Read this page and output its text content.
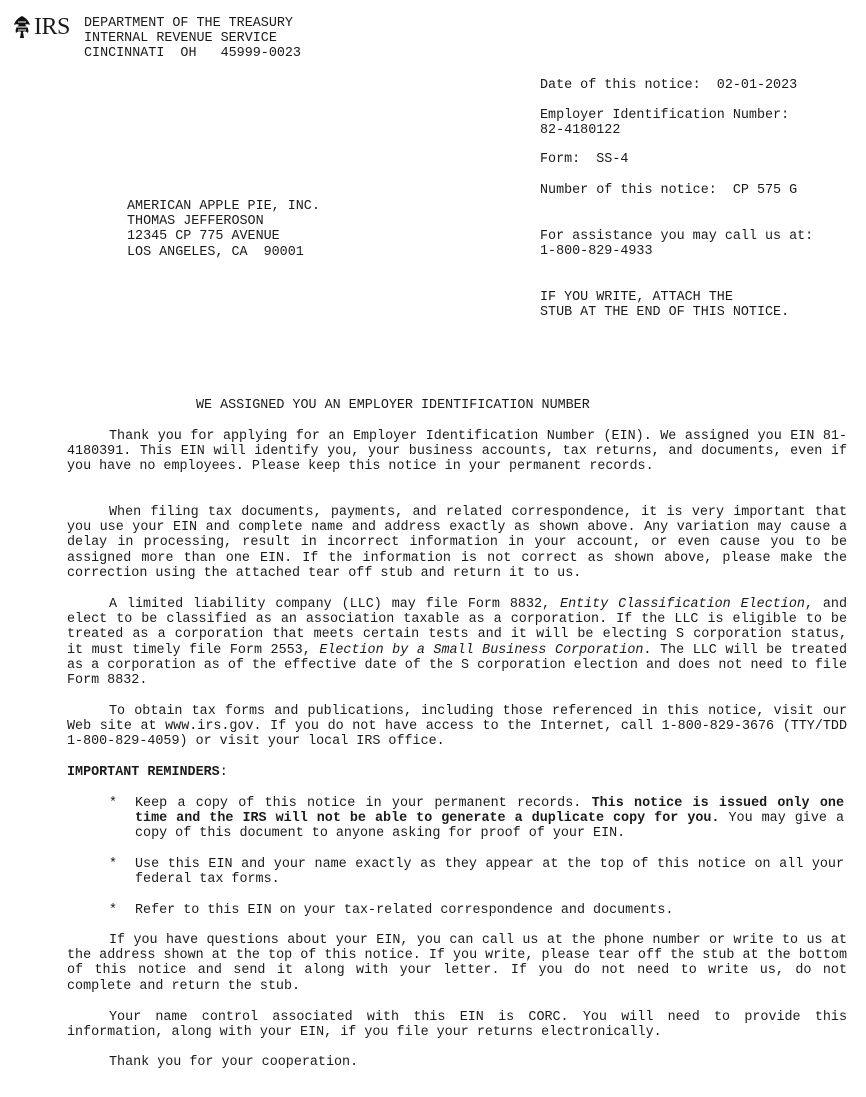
IRS DEPARTMENT OF THE TREASURY
INTERNAL REVENUE SERVICE
CINCINNATI  OH   45999-0023
Date of this notice: 02-01-2023
Employer Identification Number:
82-4180122
Form: SS-4
Number of this notice: CP 575 G
For assistance you may call us at:
1-800-829-4933
IF YOU WRITE, ATTACH THE
STUB AT THE END OF THIS NOTICE.
AMERICAN APPLE PIE, INC.
THOMAS JEFFEROSON
12345 CP 775 AVENUE
LOS ANGELES, CA  90001
WE ASSIGNED YOU AN EMPLOYER IDENTIFICATION NUMBER

Thank you for applying for an Employer Identification Number (EIN). We assigned you EIN 81-4180391. This EIN will identify you, your business accounts, tax returns, and documents, even if you have no employees. Please keep this notice in your permanent records.

When filing tax documents, payments, and related correspondence, it is very important that you use your EIN and complete name and address exactly as shown above. Any variation may cause a delay in processing, result in incorrect information in your account, or even cause you to be assigned more than one EIN. If the information is not correct as shown above, please make the correction using the attached tear off stub and return it to us.

A limited liability company (LLC) may file Form 8832, Entity Classification Election, and elect to be classified as an association taxable as a corporation. If the LLC is eligible to be treated as a corporation that meets certain tests and it will be electing S corporation status, it must timely file Form 2553, Election by a Small Business Corporation. The LLC will be treated as a corporation as of the effective date of the S corporation election and does not need to file Form 8832.

To obtain tax forms and publications, including those referenced in this notice, visit our Web site at www.irs.gov. If you do not have access to the Internet, call 1-800-829-3676 (TTY/TDD 1-800-829-4059) or visit your local IRS office.

IMPORTANT REMINDERS:
*	Keep a copy of this notice in your permanent records. This notice is issued only one time and the IRS will not be able to generate a duplicate copy for you. You may give a copy of this document to anyone asking for proof of your EIN.
*	Use this EIN and your name exactly as they appear at the top of this notice on all your federal tax forms.
*	Refer to this EIN on your tax-related correspondence and documents.

If you have questions about your EIN, you can call us at the phone number or write to us at the address shown at the top of this notice. If you write, please tear off the stub at the bottom of this notice and send it along with your letter. If you do not need to write us, do not complete and return the stub.

Your name control associated with this EIN is CORC. You will need to provide this information, along with your EIN, if you file your returns electronically.

Thank you for your cooperation.
